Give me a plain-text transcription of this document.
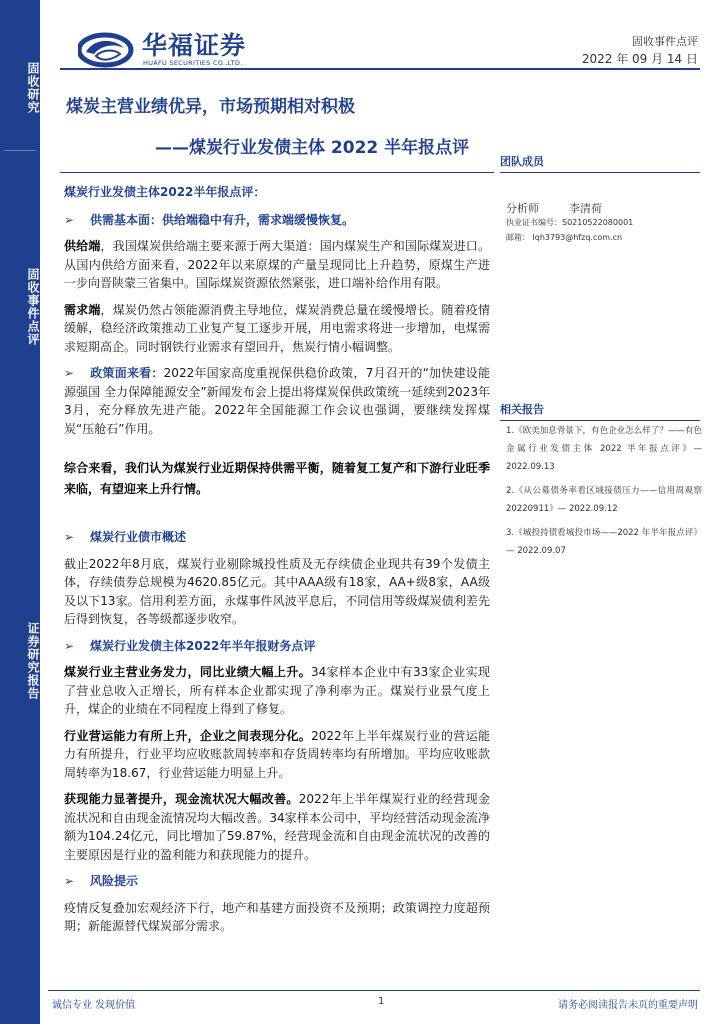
固收研究
固收事件点评
证券研究报告
华福证券
HUAFU SECURITIES CO.,LTD.
固收事件点评
2022 年 09 月 14 日
煤炭主营业绩优异，市场预期相对积极
——煤炭行业发债主体 2022 半年报点评
煤炭行业发债主体2022半年报点评：
➢ 供需基本面：供给端稳中有升，需求端缓慢恢复。

供给端，我国煤炭供给端主要来源于两大渠道：国内煤炭生产和国际煤炭进口。从国内供给方面来看，2022年以来原煤的产量呈现同比上升趋势，原煤生产进一步向晋陕蒙三省集中。国际煤炭资源依然紧张，进口端补给作用有限。

需求端，煤炭仍然占领能源消费主导地位，煤炭消费总量在缓慢增长。随着疫情缓解，稳经济政策推动工业复产复工逐步开展，用电需求将进一步增加，电煤需求短期高企。同时钢铁行业需求有望回升，焦炭行情小幅调整。

➢ 政策面来看：2022年国家高度重视保供稳价政策，7月召开的“加快建设能源强国 全力保障能源安全”新闻发布会上提出将煤炭保供政策统一延续到2023年3月，充分释放先进产能。2022年全国能源工作会议也强调，要继续发挥煤炭“压舱石”作用。

综合来看，我们认为煤炭行业近期保持供需平衡，随着复工复产和下游行业旺季来临，有望迎来上升行情。

➢ 煤炭行业债市概述

截止2022年8月底，煤炭行业剔除城投性质及无存续债企业现共有39个发债主体，存续债券总规模为4620.85亿元。其中AAA级有18家，AA+级8家，AA级及以下13家。信用利差方面，永煤事件风波平息后，不同信用等级煤炭债利差先后得到恢复，各等级都逐步收窄。

➢ 煤炭行业发债主体2022年半年报财务点评

煤炭行业主营业务发力，同比业绩大幅上升。34家样本企业中有33家企业实现了营业总收入正增长，所有样本企业都实现了净利率为正。煤炭行业景气度上升，煤企的业绩在不同程度上得到了修复。

行业营运能力有所上升，企业之间表现分化。2022年上半年煤炭行业的营运能力有所提升，行业平均应收账款周转率和存货周转率均有所增加。平均应收账款周转率为18.67，行业营运能力明显上升。

获现能力显著提升，现金流状况大幅改善。2022年上半年煤炭行业的经营现金流状况和自由现金流情况均大幅改善。34家样本公司中，平均经营活动现金流净额为104.24亿元，同比增加了59.87%，经营现金流和自由现金流状况的改善的主要原因是行业的盈利能力和获现能力的提升。

➢ 风险提示

疫情反复叠加宏观经济下行，地产和基建方面投资不及预期；政策调控力度超预期；新能源替代煤炭部分需求。

团队成员
分析师	李清荷
执业证书编号：S0210522080001
邮箱： lqh3793@hfzq.com.cn
相关报告
1.《欧美加息背景下，有色企业怎么样了？——有色金属行业发债主体 2022 半年报点评》— 2022.09.13
2.《从公募债务率看区域接债压力——信用周观察 20220911》— 2022.09.12
3.《城投持债看城投市场——2022 年半年报点评》— 2022.09.07
诚信专业 发现价值	1	请务必阅读报告末页的重要声明
